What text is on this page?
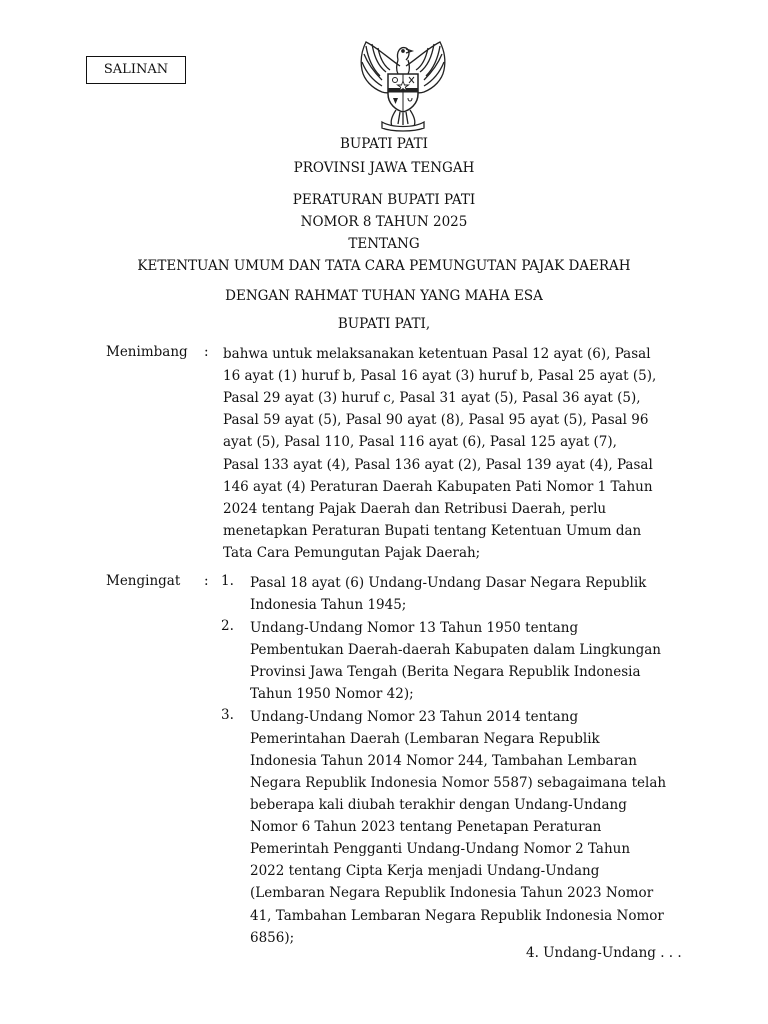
SALINAN
BUPATI PATI
PROVINSI JAWA TENGAH
PERATURAN BUPATI PATI
NOMOR 8 TAHUN 2025
TENTANG
KETENTUAN UMUM DAN TATA CARA PEMUNGUTAN PAJAK DAERAH
DENGAN RAHMAT TUHAN YANG MAHA ESA
BUPATI PATI,
Menimbang : bahwa untuk melaksanakan ketentuan Pasal 12 ayat (6), Pasal
16 ayat (1) huruf b, Pasal 16 ayat (3) huruf b, Pasal 25 ayat (5),
Pasal 29 ayat (3) huruf c, Pasal 31 ayat (5), Pasal 36 ayat (5),
Pasal 59 ayat (5), Pasal 90 ayat (8), Pasal 95 ayat (5), Pasal 96
ayat (5), Pasal 110, Pasal 116 ayat (6), Pasal 125 ayat (7),
Pasal 133 ayat (4), Pasal 136 ayat (2), Pasal 139 ayat (4), Pasal
146 ayat (4) Peraturan Daerah Kabupaten Pati Nomor 1 Tahun
2024 tentang Pajak Daerah dan Retribusi Daerah, perlu
menetapkan Peraturan Bupati tentang Ketentuan Umum dan
Tata Cara Pemungutan Pajak Daerah;
Mengingat : 1. Pasal 18 ayat (6) Undang-Undang Dasar Negara Republik
Indonesia Tahun 1945;
2. Undang-Undang Nomor 13 Tahun 1950 tentang
Pembentukan Daerah-daerah Kabupaten dalam Lingkungan
Provinsi Jawa Tengah (Berita Negara Republik Indonesia
Tahun 1950 Nomor 42);
3. Undang-Undang Nomor 23 Tahun 2014 tentang
Pemerintahan Daerah (Lembaran Negara Republik
Indonesia Tahun 2014 Nomor 244, Tambahan Lembaran
Negara Republik Indonesia Nomor 5587) sebagaimana telah
beberapa kali diubah terakhir dengan Undang-Undang
Nomor 6 Tahun 2023 tentang Penetapan Peraturan
Pemerintah Pengganti Undang-Undang Nomor 2 Tahun
2022 tentang Cipta Kerja menjadi Undang-Undang
(Lembaran Negara Republik Indonesia Tahun 2023 Nomor
41, Tambahan Lembaran Negara Republik Indonesia Nomor
6856);
4. Undang-Undang . . .
